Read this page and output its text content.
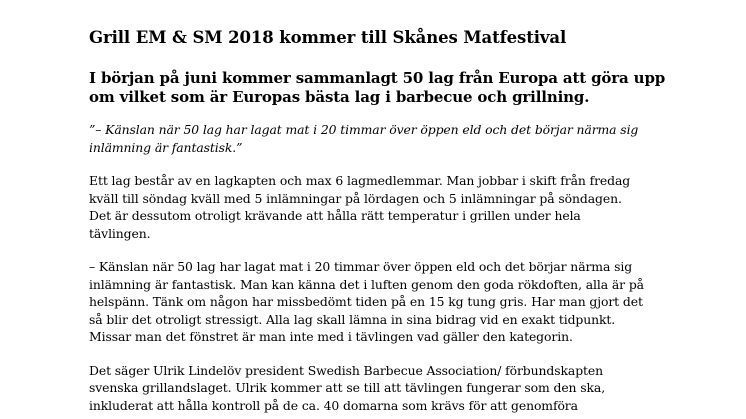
Grill EM & SM 2018 kommer till Skånes Matfestival
I början på juni kommer sammanlagt 50 lag från Europa att göra upp
om vilket som är Europas bästa lag i barbecue och grillning.

”– Känslan när 50 lag har lagat mat i 20 timmar över öppen eld och det börjar närma sig
inlämning är fantastisk.”

Ett lag består av en lagkapten och max 6 lagmedlemmar. Man jobbar i skift från fredag
kväll till söndag kväll med 5 inlämningar på lördagen och 5 inlämningar på söndagen.
Det är dessutom otroligt krävande att hålla rätt temperatur i grillen under hela
tävlingen.

– Känslan när 50 lag har lagat mat i 20 timmar över öppen eld och det börjar närma sig
inlämning är fantastisk. Man kan känna det i luften genom den goda rökdoften, alla är på
helspänn. Tänk om någon har missbedömt tiden på en 15 kg tung gris. Har man gjort det
så blir det otroligt stressigt. Alla lag skall lämna in sina bidrag vid en exakt tidpunkt.
Missar man det fönstret är man inte med i tävlingen vad gäller den kategorin.

Det säger Ulrik Lindelöv president Swedish Barbecue Association/ förbundskapten
svenska grillandslaget. Ulrik kommer att se till att tävlingen fungerar som den ska,
inkluderat att hålla kontroll på de ca. 40 domarna som krävs för att genomföra
